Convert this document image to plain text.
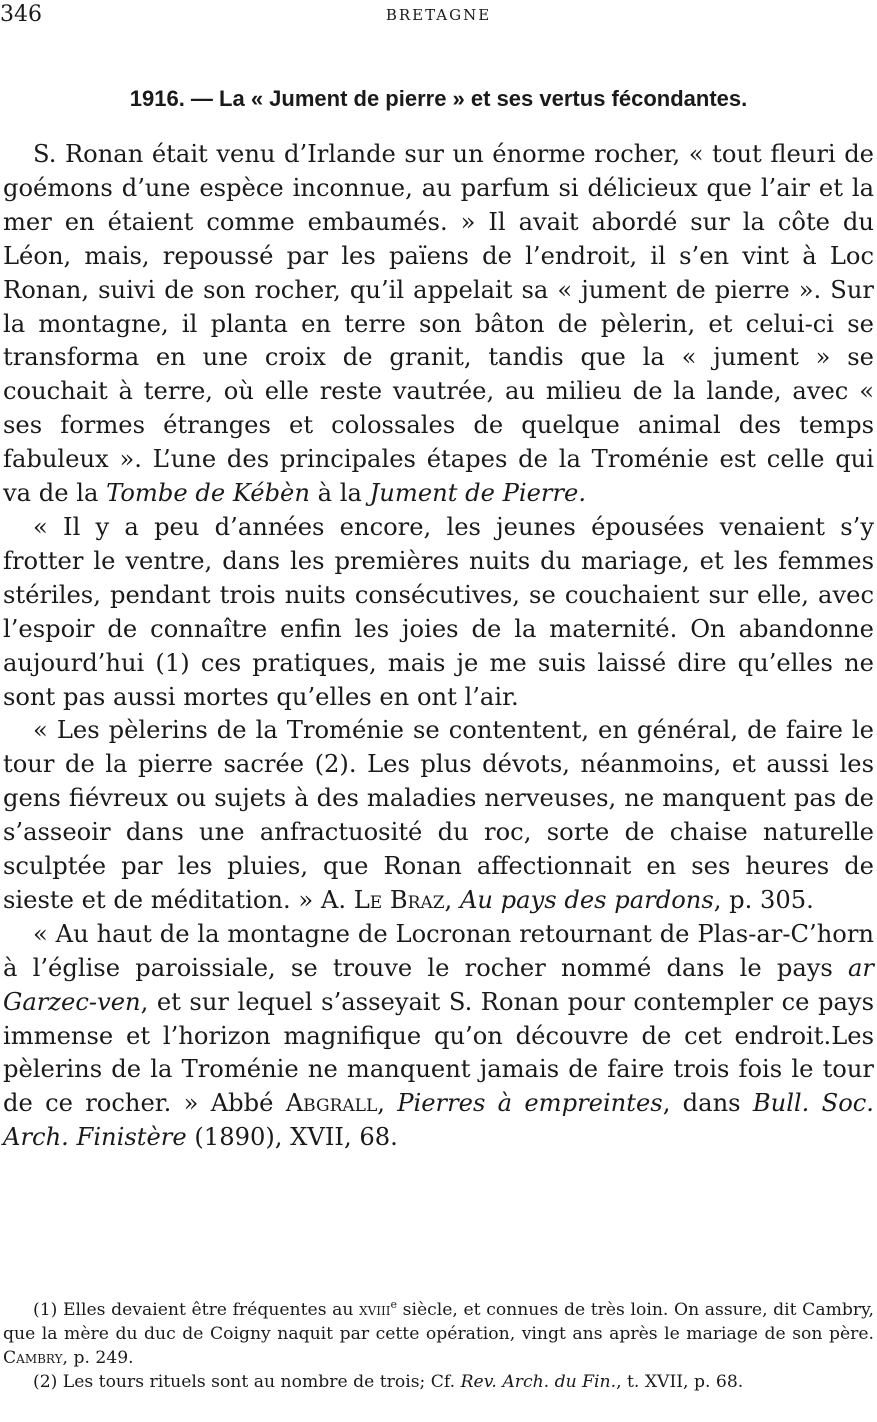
346	BRETAGNE
1916. — La « Jument de pierre » et ses vertus fécondantes.

S. Ronan était venu d’Irlande sur un énorme rocher, « tout fleuri de goémons d’une espèce inconnue, au parfum si délicieux que l’air et la mer en étaient comme embaumés. » Il avait abordé sur la côte du Léon, mais, repoussé par les païens de l’endroit, il s’en vint à Loc Ronan, suivi de son rocher, qu’il appelait sa « jument de pierre ». Sur la montagne, il planta en terre son bâton de pèlerin, et celui-ci se transforma en une croix de granit, tandis que la « jument » se couchait à terre, où elle reste vautrée, au milieu de la lande, avec « ses formes étranges et colossales de quelque animal des temps fabuleux ». L’une des principales étapes de la Troménie est celle qui va de la Tombe de Kébèn à la Jument de Pierre.

« Il y a peu d’années encore, les jeunes épousées venaient s’y frotter le ventre, dans les premières nuits du mariage, et les femmes stériles, pendant trois nuits consécutives, se couchaient sur elle, avec l’espoir de connaître enfin les joies de la maternité. On abandonne aujourd’hui (1) ces pratiques, mais je me suis laissé dire qu’elles ne sont pas aussi mortes qu’elles en ont l’air.

« Les pèlerins de la Troménie se contentent, en général, de faire le tour de la pierre sacrée (2). Les plus dévots, néanmoins, et aussi les gens fiévreux ou sujets à des maladies nerveuses, ne manquent pas de s’asseoir dans une anfractuosité du roc, sorte de chaise naturelle sculptée par les pluies, que Ronan affectionnait en ses heures de sieste et de méditation. » A. Le Braz, Au pays des pardons, p. 305.

« Au haut de la montagne de Locronan retournant de Plas-ar-C’horn à l’église paroissiale, se trouve le rocher nommé dans le pays ar Garzec-ven, et sur lequel s’asseyait S. Ronan pour contempler ce pays immense et l’horizon magnifique qu’on découvre de cet endroit.Les pèlerins de la Troménie ne manquent jamais de faire trois fois le tour de ce rocher. » Abbé Abgrall, Pierres à empreintes, dans Bull. Soc. Arch. Finistère (1890), XVII, 68.

(1) Elles devaient être fréquentes au xviii$^e$ siècle, et connues de très loin. On assure, dit Cambry, que la mère du duc de Coigny naquit par cette opération, vingt ans après le mariage de son père. Cambry, p. 249.

(2) Les tours rituels sont au nombre de trois; Cf. Rev. Arch. du Fin., t. XVII, p. 68.
